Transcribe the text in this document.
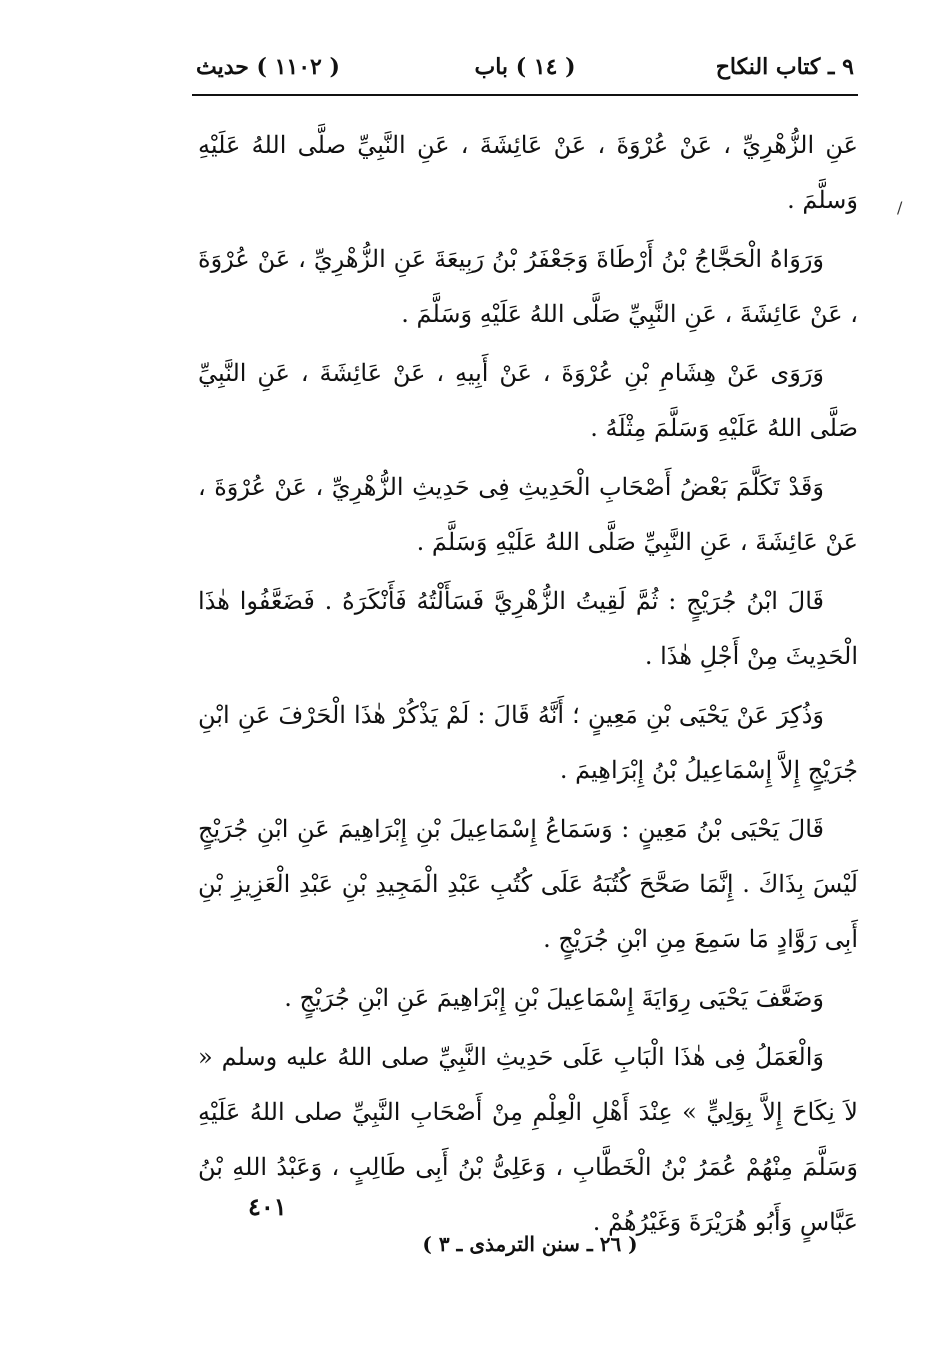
٩ ـ كتاب النكاح
( ١٤ ) باب
( ١١٠٢ ) حديث
/

عَنِ الزُّهْرِيِّ ، عَنْ عُرْوَةَ ، عَنْ عَائِشَةَ ، عَنِ النَّبِيِّ صلَّى اللهُ عَلَيْهِ وَسلَّمَ .

وَرَوَاهُ الْحَجَّاجُ بْنُ أَرْطَاةَ وَجَعْفَرُ بْنُ رَبِيعَةَ عَنِ الزُّهْرِيِّ ، عَنْ عُرْوَةَ ، عَنْ عَائِشَةَ ، عَنِ النَّبِيِّ صَلَّى اللهُ عَلَيْهِ وَسَلَّمَ .

وَرَوَى عَنْ هِشَامِ بْنِ عُرْوَةَ ، عَنْ أَبِيهِ ، عَنْ عَائِشَةَ ، عَنِ النَّبِيِّ صَلَّى اللهُ عَلَيْهِ وَسَلَّمَ مِثْلَهُ .

وَقَدْ تَكَلَّمَ بَعْضُ أَصْحَابِ الْحَدِيثِ فِى حَدِيثِ الزُّهْرِيِّ ، عَنْ عُرْوَةَ ، عَنْ عَائِشَةَ ، عَنِ النَّبِيِّ صَلَّى اللهُ عَلَيْهِ وَسَلَّمَ .

قَالَ ابْنُ جُرَيْجٍ : ثُمَّ لَقِيتُ الزُّهْرِيَّ فَسَأَلْتُهُ فَأَنْكَرَهُ . فَضَعَّفُوا هٰذَا الْحَدِيثَ مِنْ أَجْلِ هٰذَا .

وَذُكِرَ عَنْ يَحْيَى بْنِ مَعِينٍ ؛ أَنَّهُ قَالَ : لَمْ يَذْكُرْ هٰذَا الْحَرْفَ عَنِ ابْنِ جُرَيْجٍ إِلاَّ إِسْمَاعِيلُ بْنُ إِبْرَاهِيمَ .

قَالَ يَحْيَى بْنُ مَعِينٍ : وَسَمَاعُ إِسْمَاعِيلَ بْنِ إِبْرَاهِيمَ عَنِ ابْنِ جُرَيْجٍ لَيْسَ بِذَاكَ . إِنَّمَا صَحَّحَ كُتُبَهُ عَلَى كُتُبِ عَبْدِ الْمَجِيدِ بْنِ عَبْدِ الْعَزِيزِ بْنِ أَبِى رَوَّادٍ مَا سَمِعَ مِنِ ابْنِ جُرَيْجٍ .

وَضَعَّفَ يَحْيَى رِوَايَةَ إِسْمَاعِيلَ بْنِ إِبْرَاهِيمَ عَنِ ابْنِ جُرَيْجٍ .

وَالْعَمَلُ فِى هٰذَا الْبَابِ عَلَى حَدِيثِ النَّبِيِّ صلى اللهُ عليه وسلم « لاَ نِكَاحَ إِلاَّ بِوَلِيٍّ » عِنْدَ أَهْلِ الْعِلْمِ مِنْ أَصْحَابِ النَّبِيِّ صلى اللهُ عَلَيْهِ وَسَلَّمَ مِنْهُمْ عُمَرُ بْنُ الْخَطَّابِ ، وَعَلِىُّ بْنُ أَبِى طَالِبٍ ، وَعَبْدُ اللهِ بْنُ عَبَّاسٍ وَأَبُو هُرَيْرَةَ وَغَيْرُهُمْ .

٤٠١
( ٢٦ ـ سنن الترمذى ـ ٣ )
